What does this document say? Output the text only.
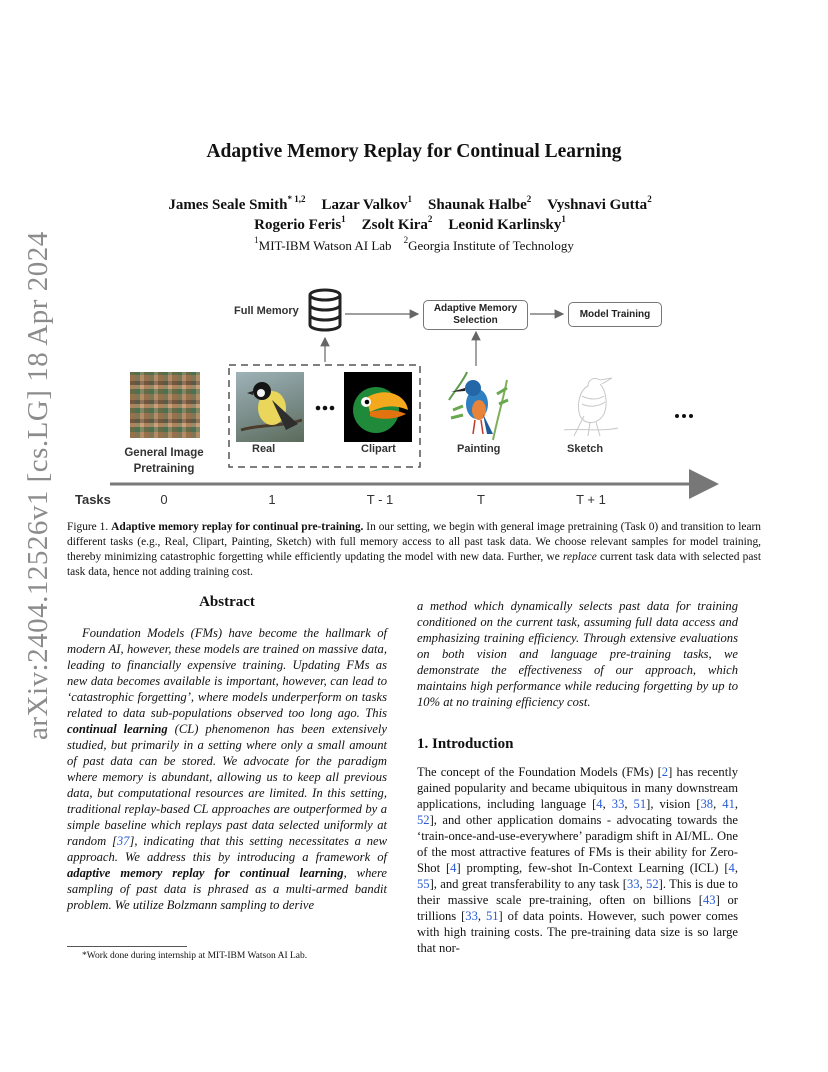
arXiv:2404.12526v1 [cs.LG] 18 Apr 2024
Adaptive Memory Replay for Continual Learning
James Seale Smith$^{* 1,2}$ Lazar Valkov$^1$ Shaunak Halbe$^2$ Vyshnavi Gutta$^2$
Rogerio Feris$^1$ Zsolt Kira$^2$ Leonid Karlinsky$^1$
$^1$MIT-IBM Watson AI Lab $^2$Georgia Institute of Technology
0	1	T - 1	T	T + 1
Tasks
Full Memory	Adaptive Memory
Selection
Model Training
General Image
Pretraining
Real	Clipart	Painting	Sketch
Figure 1. Adaptive memory replay for continual pre-training. In our setting, we begin with general image pretraining (Task 0) and transition to learn different tasks (e.g., Real, Clipart, Painting, Sketch) with full memory access to all past task data. We choose relevant samples for model training, thereby minimizing catastrophic forgetting while efficiently updating the model with new data. Further, we replace current task data with selected past task data, hence not adding training cost.
Abstract
Foundation Models (FMs) have become the hallmark of modern AI, however, these models are trained on massive data, leading to financially expensive training. Updating FMs as new data becomes available is important, however, can lead to ‘catastrophic forgetting’, where models underperform on tasks related to data sub-populations observed too long ago. This continual learning (CL) phenomenon has been extensively studied, but primarily in a setting where only a small amount of past data can be stored. We advocate for the paradigm where memory is abundant, allowing us to keep all previous data, but computational resources are limited. In this setting, traditional replay-based CL approaches are outperformed by a simple baseline which replays past data selected uniformly at random [37], indicating that this setting necessitates a new approach. We address this by introducing a framework of adaptive memory replay for continual learning, where sampling of past data is phrased as a multi-armed bandit problem. We utilize Bolzmann sampling to derive
a method which dynamically selects past data for training conditioned on the current task, assuming full data access and emphasizing training efficiency. Through extensive evaluations on both vision and language pre-training tasks, we demonstrate the effectiveness of our approach, which maintains high performance while reducing forgetting by up to 10% at no training efficiency cost.
1. Introduction
The concept of the Foundation Models (FMs) [2] has recently gained popularity and became ubiquitous in many downstream applications, including language [4, 33, 51], vision [38, 41, 52], and other application domains - advocating towards the ‘train-once-and-use-everywhere’ paradigm shift in AI/ML. One of the most attractive features of FMs is their ability for Zero-Shot [4] prompting, few-shot In-Context Learning (ICL) [4, 55], and great transferability to any task [33, 52]. This is due to their massive scale pre-training, often on billions [43] or trillions [33, 51] of data points. However, such power comes with high training costs. The pre-training data size is so large that nor-
*Work done during internship at MIT-IBM Watson AI Lab.
